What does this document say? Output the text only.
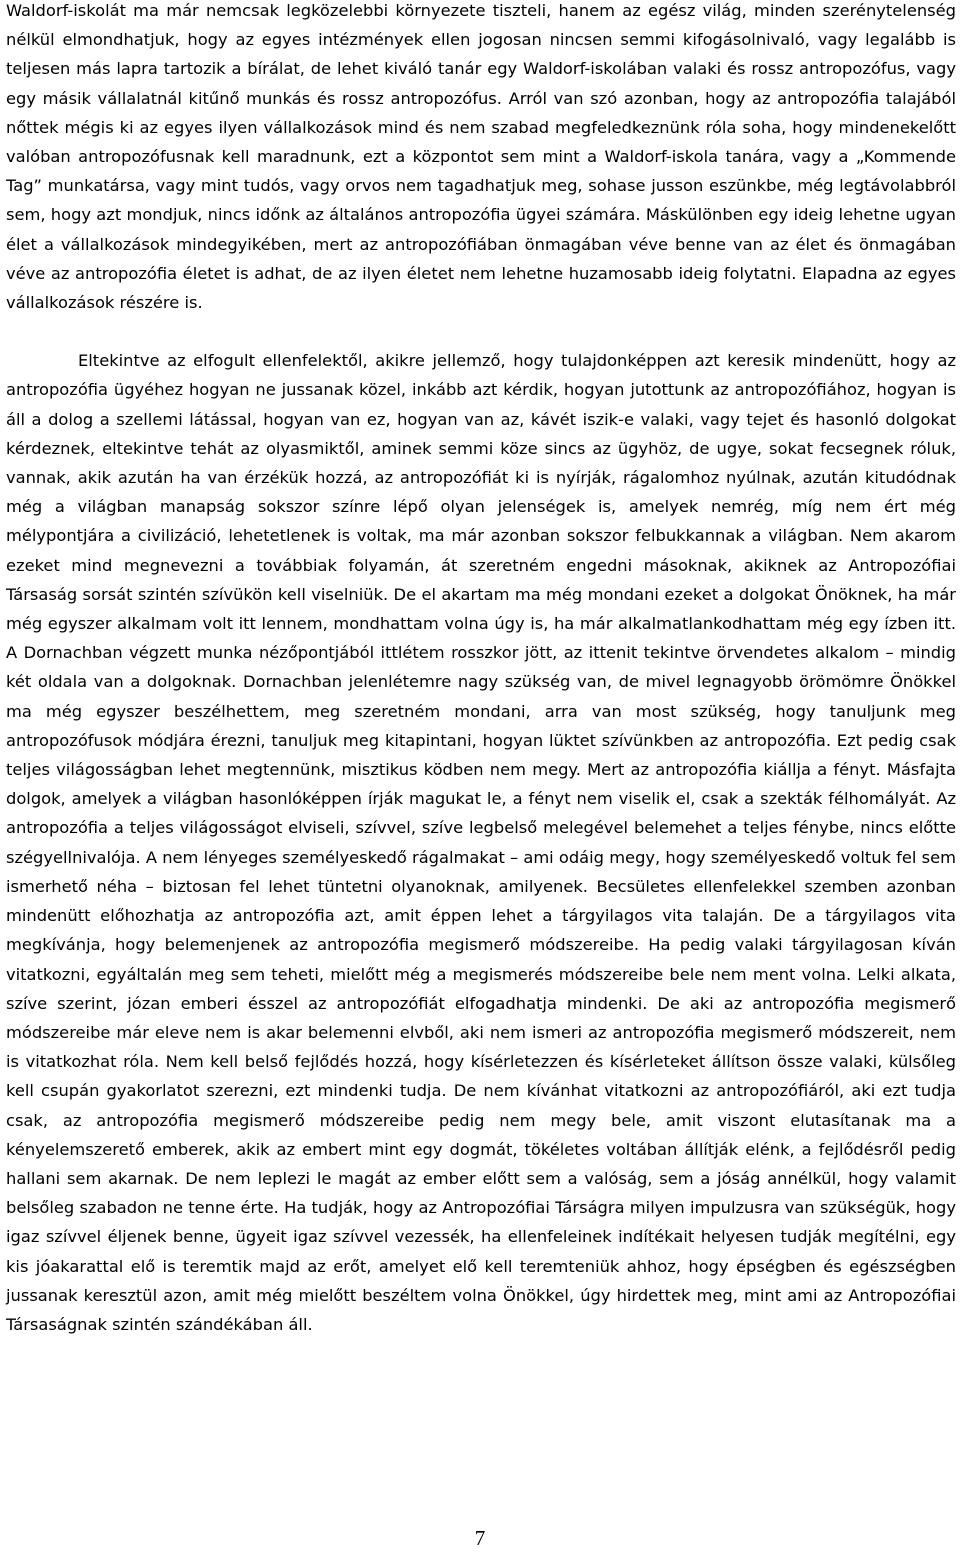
Waldorf-iskolát ma már nemcsak legközelebbi környezete tiszteli, hanem az egész világ, minden szerénytelenség nélkül elmondhatjuk, hogy az egyes intézmények ellen jogosan nincsen semmi kifogásolnivaló, vagy legalább is teljesen más lapra tartozik a bírálat, de lehet kiváló tanár egy Waldorf-iskolában valaki és rossz antropozófus, vagy egy másik vállalatnál kitűnő munkás és rossz antropozófus. Arról van szó azonban, hogy az antropozófia talajából nőttek mégis ki az egyes ilyen vállalkozások mind és nem szabad megfeledkeznünk róla soha, hogy mindenekelőtt valóban antropozófusnak kell maradnunk, ezt a központot sem mint a Waldorf-iskola tanára, vagy a „Kommende Tag” munkatársa, vagy mint tudós, vagy orvos nem tagadhatjuk meg, sohase jusson eszünkbe, még legtávolabbról sem, hogy azt mondjuk, nincs időnk az általános antropozófia ügyei számára. Máskülönben egy ideig lehetne ugyan élet a vállalkozások mindegyikében, mert az antropozófiában önmagában véve benne van az élet és önmagában véve az antropozófia életet is adhat, de az ilyen életet nem lehetne huzamosabb ideig folytatni. Elapadna az egyes vállalkozások részére is.

Eltekintve az elfogult ellenfelektől, akikre jellemző, hogy tulajdonképpen azt keresik mindenütt, hogy az antropozófia ügyéhez hogyan ne jussanak közel, inkább azt kérdik, hogyan jutottunk az antropozófiához, hogyan is áll a dolog a szellemi látással, hogyan van ez, hogyan van az, kávét iszik-e valaki, vagy tejet és hasonló dolgokat kérdeznek, eltekintve tehát az olyasmiktől, aminek semmi köze sincs az ügyhöz, de ugye, sokat fecsegnek róluk, vannak, akik azután ha van érzékük hozzá, az antropozófiát ki is nyírják, rágalomhoz nyúlnak, azután kitudódnak még a világban manapság sokszor színre lépő olyan jelenségek is, amelyek nemrég, míg nem ért még mélypontjára a civilizáció, lehetetlenek is voltak, ma már azonban sokszor felbukkannak a világban. Nem akarom ezeket mind megnevezni a továbbiak folyamán, át szeretném engedni másoknak, akiknek az Antropozófiai Társaság sorsát szintén szívükön kell viselniük. De el akartam ma még mondani ezeket a dolgokat Önöknek, ha már még egyszer alkalmam volt itt lennem, mondhattam volna úgy is, ha már alkalmatlankodhattam még egy ízben itt. A Dornachban végzett munka nézőpontjából ittlétem rosszkor jött, az ittenit tekintve örvendetes alkalom – mindig két oldala van a dolgoknak. Dornachban jelenlétemre nagy szükség van, de mivel legnagyobb örömömre Önökkel ma még egyszer beszélhettem, meg szeretném mondani, arra van most szükség, hogy tanuljunk meg antropozófusok módjára érezni, tanuljuk meg kitapintani, hogyan lüktet szívünkben az antropozófia. Ezt pedig csak teljes világosságban lehet megtennünk, misztikus ködben nem megy. Mert az antropozófia kiállja a fényt. Másfajta dolgok, amelyek a világban hasonlóképpen írják magukat le, a fényt nem viselik el, csak a szekták félhomályát. Az antropozófia a teljes világosságot elviseli, szívvel, szíve legbelső melegével belemehet a teljes fénybe, nincs előtte szégyellnivalója. A nem lényeges személyeskedő rágalmakat – ami odáig megy, hogy személyeskedő voltuk fel sem ismerhető néha – biztosan fel lehet tüntetni olyanoknak, amilyenek. Becsületes ellenfelekkel szemben azonban mindenütt előhozhatja az antropozófia azt, amit éppen lehet a tárgyilagos vita talaján. De a tárgyilagos vita megkívánja, hogy belemenjenek az antropozófia megismerő módszereibe. Ha pedig valaki tárgyilagosan kíván vitatkozni, egyáltalán meg sem teheti, mielőtt még a megismerés módszereibe bele nem ment volna. Lelki alkata, szíve szerint, józan emberi ésszel az antropozófiát elfogadhatja mindenki. De aki az antropozófia megismerő módszereibe már eleve nem is akar belemenni elvből, aki nem ismeri az antropozófia megismerő módszereit, nem is vitatkozhat róla. Nem kell belső fejlődés hozzá, hogy kísérletezzen és kísérleteket állítson össze valaki, külsőleg kell csupán gyakorlatot szerezni, ezt mindenki tudja. De nem kívánhat vitatkozni az antropozófiáról, aki ezt tudja csak, az antropozófia megismerő módszereibe pedig nem megy bele, amit viszont elutasítanak ma a kényelemszerető emberek, akik az embert mint egy dogmát, tökéletes voltában állítják elénk, a fejlődésről pedig hallani sem akarnak. De nem leplezi le magát az ember előtt sem a valóság, sem a jóság annélkül, hogy valamit belsőleg szabadon ne tenne érte. Ha tudják, hogy az Antropozófiai Társágra milyen impulzusra van szükségük, hogy igaz szívvel éljenek benne, ügyeit igaz szívvel vezessék, ha ellenfeleinek indítékait helyesen tudják megítélni, egy kis jóakarattal elő is teremtik majd az erőt, amelyet elő kell teremteniük ahhoz, hogy épségben és egészségben jussanak keresztül azon, amit még mielőtt beszéltem volna Önökkel, úgy hirdettek meg, mint ami az Antropozófiai Társaságnak szintén szándékában áll.

7
